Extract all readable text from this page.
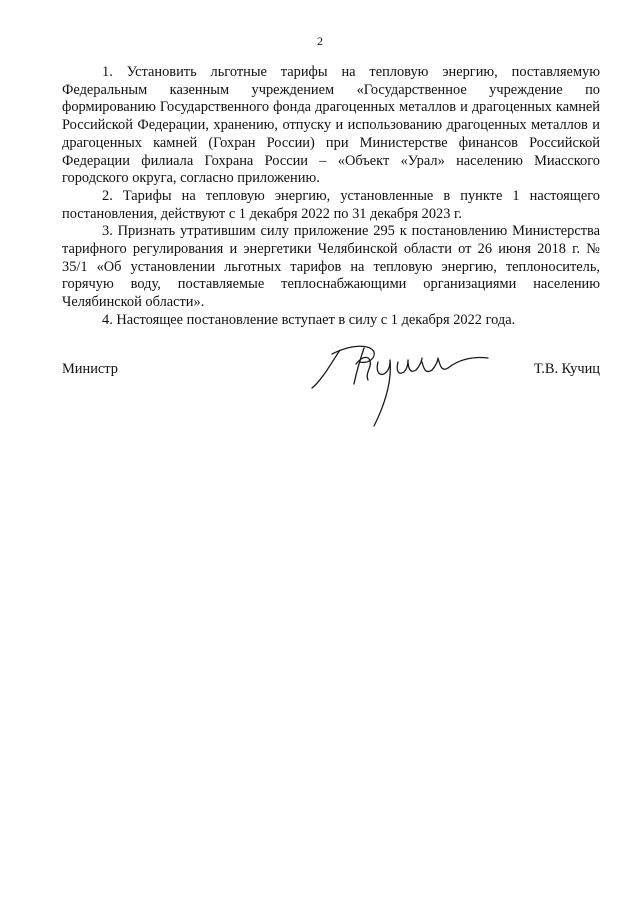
2

1. Установить льготные тарифы на тепловую энергию, поставляемую Федеральным казенным учреждением «Государственное учреждение по формированию Государственного фонда драгоценных металлов и драгоценных камней Российской Федерации, хранению, отпуску и использованию драгоценных металлов и драгоценных камней (Гохран России) при Министерстве финансов Российской Федерации филиала Гохрана России – «Объект «Урал» населению Миасского городского округа, согласно приложению.

2. Тарифы на тепловую энергию, установленные в пункте 1 настоящего постановления, действуют с 1 декабря 2022 по 31 декабря 2023 г.

3. Признать утратившим силу приложение 295 к постановлению Министерства тарифного регулирования и энергетики Челябинской области от 26 июня 2018 г. № 35/1 «Об установлении льготных тарифов на тепловую энергию, теплоноситель, горячую воду, поставляемые теплоснабжающими организациями населению Челябинской области».

4. Настоящее постановление вступает в силу с 1 декабря 2022 года.

Министр	Т.В. Кучиц
